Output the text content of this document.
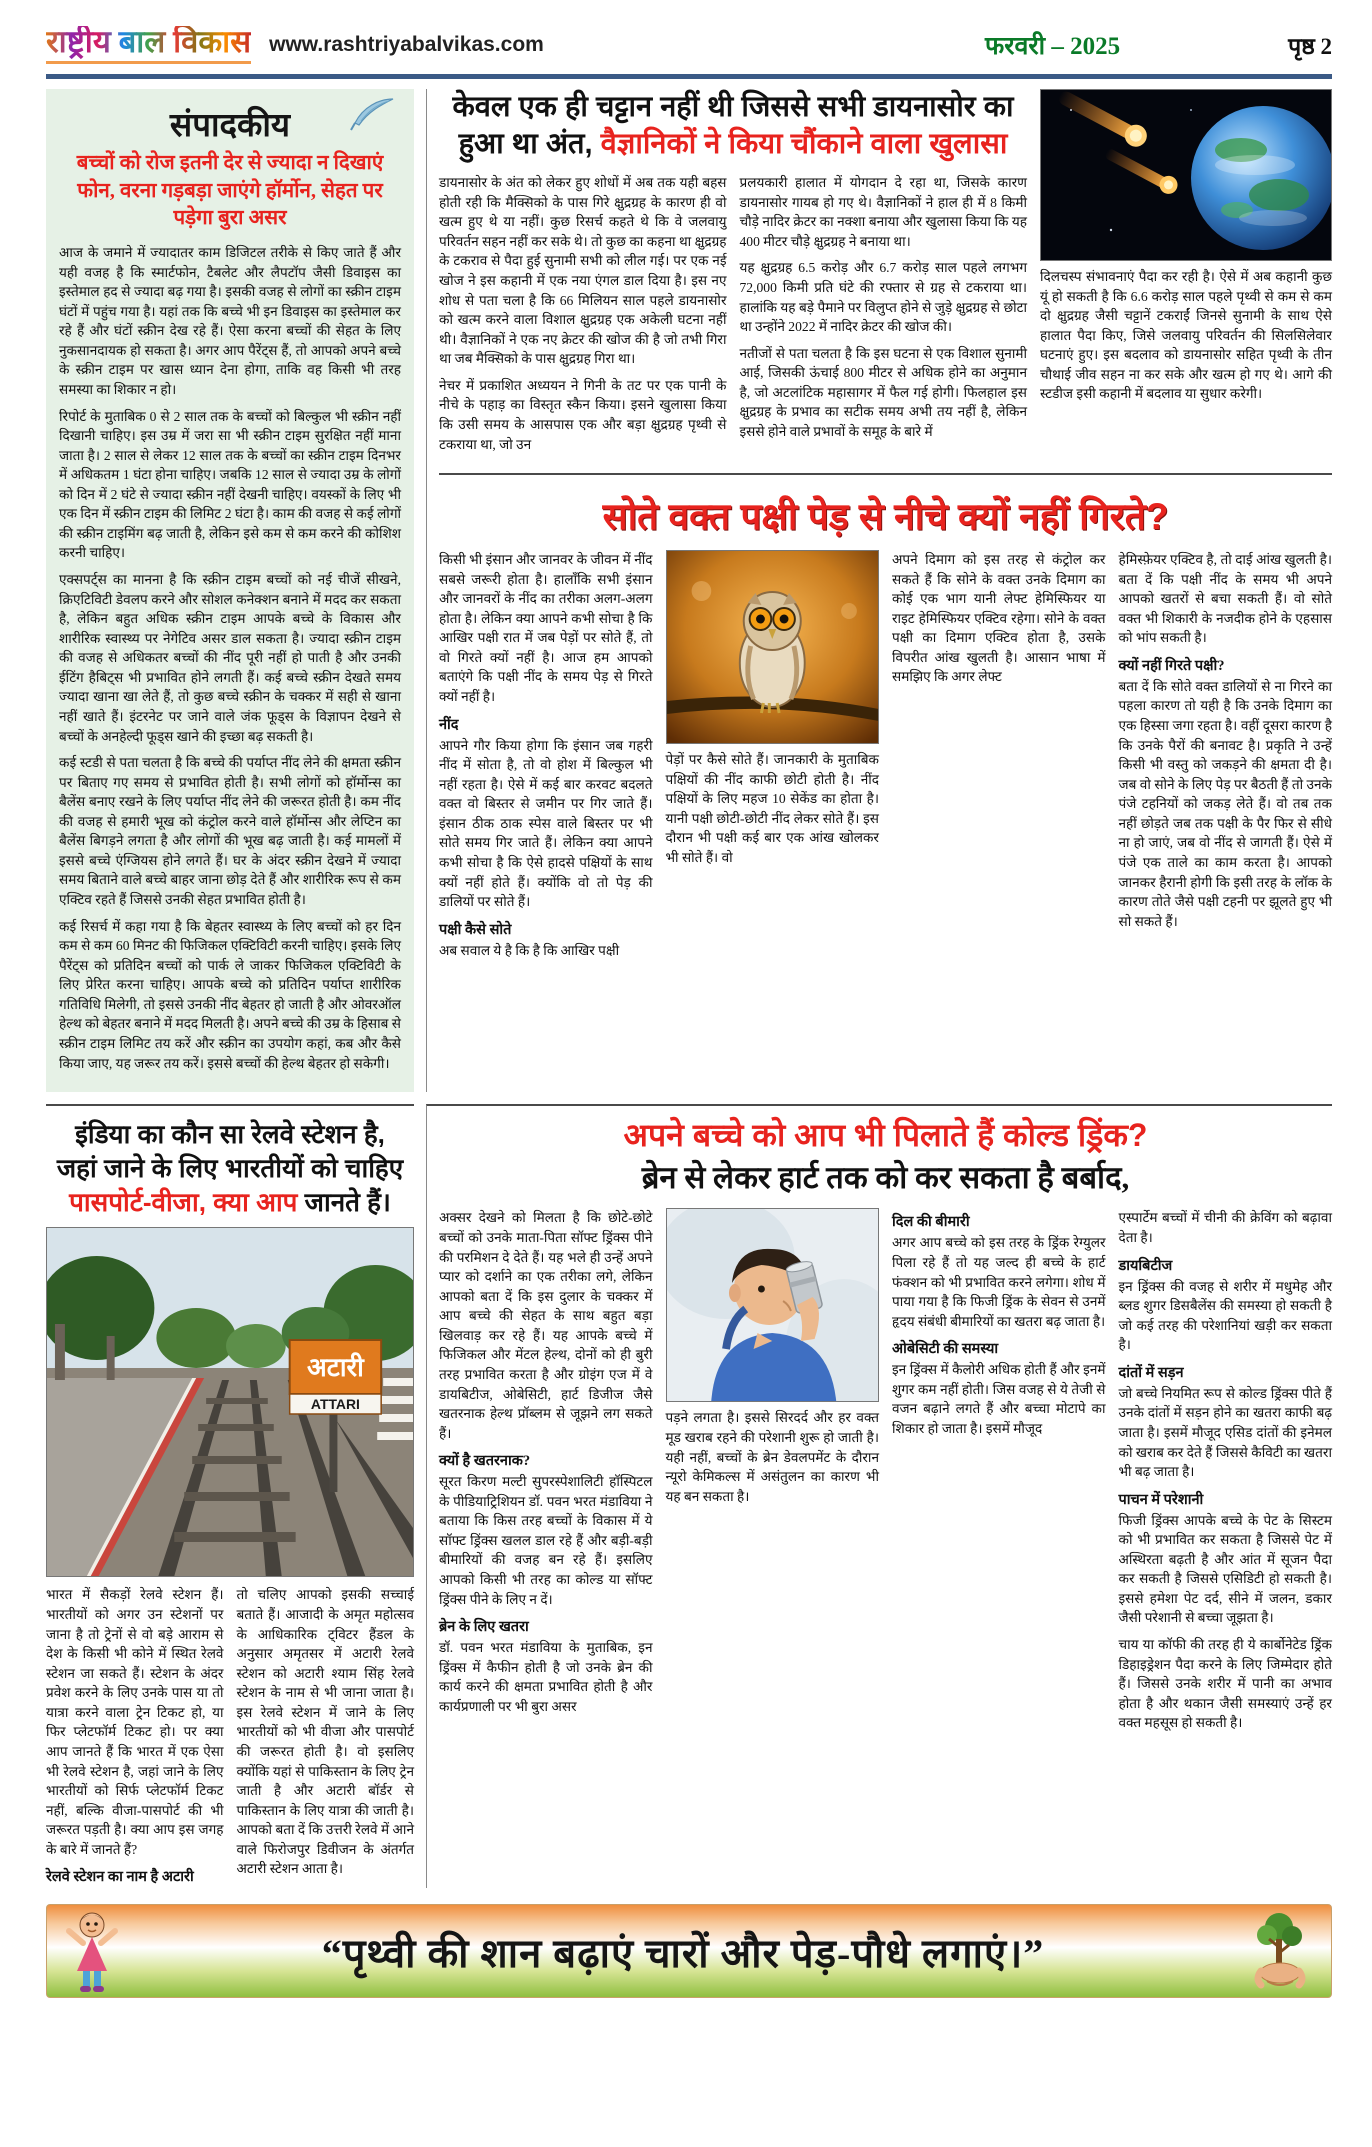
राष्ट्रीय बाल विकास www.rashtriyabalvikas.com	फरवरी – 2025	पृष्ठ 2
संपादकीय
बच्चों को रोज इतनी देर से ज्यादा न दिखाएं फोन, वरना गड़बड़ा जाएंगे हॉर्मोन, सेहत पर पड़ेगा बुरा असर

आज के जमाने में ज्यादातर काम डिजिटल तरीके से किए जाते हैं और यही वजह है कि स्मार्टफोन, टैबलेट और लैपटॉप जैसी डिवाइस का इस्तेमाल हद से ज्यादा बढ़ गया है। इसकी वजह से लोगों का स्क्रीन टाइम घंटों में पहुंच गया है। यहां तक कि बच्चे भी इन डिवाइस का इस्तेमाल कर रहे हैं और घंटों स्क्रीन देख रहे हैं। ऐसा करना बच्चों की सेहत के लिए नुकसानदायक हो सकता है। अगर आप पैरेंट्स हैं, तो आपको अपने बच्चे के स्क्रीन टाइम पर खास ध्यान देना होगा, ताकि वह किसी भी तरह समस्या का शिकार न हो।

रिपोर्ट के मुताबिक 0 से 2 साल तक के बच्चों को बिल्कुल भी स्क्रीन नहीं दिखानी चाहिए। इस उम्र में जरा सा भी स्क्रीन टाइम सुरक्षित नहीं माना जाता है। 2 साल से लेकर 12 साल तक के बच्चों का स्क्रीन टाइम दिनभर में अधिकतम 1 घंटा होना चाहिए। जबकि 12 साल से ज्यादा उम्र के लोगों को दिन में 2 घंटे से ज्यादा स्क्रीन नहीं देखनी चाहिए। वयस्कों के लिए भी एक दिन में स्क्रीन टाइम की लिमिट 2 घंटा है। काम की वजह से कई लोगों की स्क्रीन टाइमिंग बढ़ जाती है, लेकिन इसे कम से कम करने की कोशिश करनी चाहिए।

एक्सपर्ट्स का मानना है कि स्क्रीन टाइम बच्चों को नई चीजें सीखने, क्रिएटिविटी डेवलप करने और सोशल कनेक्शन बनाने में मदद कर सकता है, लेकिन बहुत अधिक स्क्रीन टाइम आपके बच्चे के विकास और शारीरिक स्वास्थ्य पर नेगेटिव असर डाल सकता है। ज्यादा स्क्रीन टाइम की वजह से अधिकतर बच्चों की नींद पूरी नहीं हो पाती है और उनकी ईटिंग हैबिट्स भी प्रभावित होने लगती हैं। कई बच्चे स्क्रीन देखते समय ज्यादा खाना खा लेते हैं, तो कुछ बच्चे स्क्रीन के चक्कर में सही से खाना नहीं खाते हैं। इंटरनेट पर जाने वाले जंक फूड्स के विज्ञापन देखने से बच्चों के अनहेल्दी फूड्स खाने की इच्छा बढ़ सकती है।

कई स्टडी से पता चलता है कि बच्चे की पर्याप्त नींद लेने की क्षमता स्क्रीन पर बिताए गए समय से प्रभावित होती है। सभी लोगों को हॉर्मोन्स का बैलेंस बनाए रखने के लिए पर्याप्त नींद लेने की जरूरत होती है। कम नींद की वजह से हमारी भूख को कंट्रोल करने वाले हॉर्मोन्स और लेप्टिन का बैलेंस बिगड़ने लगता है और लोगों की भूख बढ़ जाती है। कई मामलों में इससे बच्चे एंग्जियस होने लगते हैं। घर के अंदर स्क्रीन देखने में ज्यादा समय बिताने वाले बच्चे बाहर जाना छोड़ देते हैं और शारीरिक रूप से कम एक्टिव रहते हैं जिससे उनकी सेहत प्रभावित होती है।

कई रिसर्च में कहा गया है कि बेहतर स्वास्थ्य के लिए बच्चों को हर दिन कम से कम 60 मिनट की फिजिकल एक्टिविटी करनी चाहिए। इसके लिए पैरेंट्स को प्रतिदिन बच्चों को पार्क ले जाकर फिजिकल एक्टिविटी के लिए प्रेरित करना चाहिए। आपके बच्चे को प्रतिदिन पर्याप्त शारीरिक गतिविधि मिलेगी, तो इससे उनकी नींद बेहतर हो जाती है और ओवरऑल हेल्थ को बेहतर बनाने में मदद मिलती है। अपने बच्चे की उम्र के हिसाब से स्क्रीन टाइम लिमिट तय करें और स्क्रीन का उपयोग कहां, कब और कैसे किया जाए, यह जरूर तय करें। इससे बच्चों की हेल्थ बेहतर हो सकेगी।

केवल एक ही चट्टान नहीं थी जिससे सभी डायनासोर का
हुआ था अंत, वैज्ञानिकों ने किया चौंकाने वाला खुलासा

डायनासोर के अंत को लेकर हुए शोधों में अब तक यही बहस होती रही कि मैक्सिको के पास गिरे क्षुद्रग्रह के कारण ही वो खत्म हुए थे या नहीं। कुछ रिसर्च कहते थे कि वे जलवायु परिवर्तन सहन नहीं कर सके थे। तो कुछ का कहना था क्षुद्रग्रह के टकराव से पैदा हुई सुनामी सभी को लील गई। पर एक नई खोज ने इस कहानी में एक नया एंगल डाल दिया है। इस नए शोध से पता चला है कि 66 मिलियन साल पहले डायनासोर को खत्म करने वाला विशाल क्षुद्रग्रह एक अकेली घटना नहीं थी। वैज्ञानिकों ने एक नए क्रेटर की खोज की है जो तभी गिरा था जब मैक्सिको के पास क्षुद्रग्रह गिरा था।

नेचर में प्रकाशित अध्ययन ने गिनी के तट पर एक पानी के नीचे के पहाड़ का विस्तृत स्कैन किया। इसने खुलासा किया कि उसी समय के आसपास एक और बड़ा क्षुद्रग्रह पृथ्वी से टकराया था, जो उन

प्रलयकारी हालात में योगदान दे रहा था, जिसके कारण डायनासोर गायब हो गए थे। वैज्ञानिकों ने हाल ही में 8 किमी चौड़े नादिर क्रेटर का नक्शा बनाया और खुलासा किया कि यह 400 मीटर चौड़े क्षुद्रग्रह ने बनाया था।

यह क्षुद्रग्रह 6.5 करोड़ और 6.7 करोड़ साल पहले लगभग 72,000 किमी प्रति घंटे की रफ्तार से ग्रह से टकराया था। हालांकि यह बड़े पैमाने पर विलुप्त होने से जुड़े क्षुद्रग्रह से छोटा था उन्होंने 2022 में नादिर क्रेटर की खोज की।

नतीजों से पता चलता है कि इस घटना से एक विशाल सुनामी आई, जिसकी ऊंचाई 800 मीटर से अधिक होने का अनुमान है, जो अटलांटिक महासागर में फैल गई होगी। फिलहाल इस क्षुद्रग्रह के प्रभाव का सटीक समय अभी तय नहीं है, लेकिन इससे होने वाले प्रभावों के समूह के बारे में

दिलचस्प संभावनाएं पैदा कर रही है। ऐसे में अब कहानी कुछ यूं हो सकती है कि 6.6 करोड़ साल पहले पृथ्वी से कम से कम दो क्षुद्रग्रह जैसी चट्टानें टकराईं जिनसे सुनामी के साथ ऐसे हालात पैदा किए, जिसे जलवायु परिवर्तन की सिलसिलेवार घटनाएं हुए। इस बदलाव को डायनासोर सहित पृथ्वी के तीन चौथाई जीव सहन ना कर सके और खत्म हो गए थे। आगे की स्टडीज इसी कहानी में बदलाव या सुधार करेगी।

सोते वक्त पक्षी पेड़ से नीचे क्यों नहीं गिरते?

किसी भी इंसान और जानवर के जीवन में नींद सबसे जरूरी होता है। हालाँकि सभी इंसान और जानवरों के नींद का तरीका अलग-अलग होता है। लेकिन क्या आपने कभी सोचा है कि आखिर पक्षी रात में जब पेड़ों पर सोते हैं, तो वो गिरते क्यों नहीं है। आज हम आपको बताएंगे कि पक्षी नींद के समय पेड़ से गिरते क्यों नहीं है।

नींद

आपने गौर किया होगा कि इंसान जब गहरी नींद में सोता है, तो वो होश में बिल्कुल भी नहीं रहता है। ऐसे में कई बार करवट बदलते वक्त वो बिस्तर से जमीन पर गिर जाते हैं। इंसान ठीक ठाक स्पेस वाले बिस्तर पर भी सोते समय गिर जाते हैं। लेकिन क्या आपने कभी सोचा है कि ऐसे हादसे पक्षियों के साथ क्यों नहीं होते हैं। क्योंकि वो तो पेड़ की डालियों पर सोते हैं।

पक्षी कैसे सोते

अब सवाल ये है कि है कि आखिर पक्षी

पेड़ों पर कैसे सोते हैं। जानकारी के मुताबिक पक्षियों की नींद काफी छोटी होती है। नींद पक्षियों के लिए महज 10 सेकेंड का होता है। यानी पक्षी छोटी-छोटी नींद लेकर सोते हैं। इस दौरान भी पक्षी कई बार एक आंख खोलकर भी सोते हैं। वो

अपने दिमाग को इस तरह से कंट्रोल कर सकते हैं कि सोने के वक्त उनके दिमाग का कोई एक भाग यानी लेफ्ट हेमिस्फियर या राइट हेमिस्फियर एक्टिव रहेगा। सोने के वक्त पक्षी का दिमाग एक्टिव होता है, उसके विपरीत आंख खुलती है। आसान भाषा में समझिए कि अगर लेफ्ट

हेमिस्फ़ेयर एक्टिव है, तो दाई आंख खुलती है। बता दें कि पक्षी नींद के समय भी अपने आपको खतरों से बचा सकती हैं। वो सोते वक्त भी शिकारी के नजदीक होने के एहसास को भांप सकती है।

क्यों नहीं गिरते पक्षी?

बता दें कि सोते वक्त डालियों से ना गिरने का पहला कारण तो यही है कि उनके दिमाग का एक हिस्सा जगा रहता है। वहीं दूसरा कारण है कि उनके पैरों की बनावट है। प्रकृति ने उन्हें किसी भी वस्तु को जकड़ने की क्षमता दी है। जब वो सोने के लिए पेड़ पर बैठती हैं तो उनके पंजे टहनियों को जकड़ लेते हैं। वो तब तक नहीं छोड़ते जब तक पक्षी के पैर फिर से सीधे ना हो जाएं, जब वो नींद से जागती हैं। ऐसे में पंजे एक ताले का काम करता है। आपको जानकर हैरानी होगी कि इसी तरह के लॉक के कारण तोते जैसे पक्षी टहनी पर झूलते हुए भी सो सकते हैं।

इंडिया का कौन सा रेलवे स्टेशन है,
जहां जाने के लिए भारतीयों को चाहिए
पासपोर्ट-वीजा, क्या आप जानते हैं।
अटारी
ATTARI

भारत में सैकड़ों रेलवे स्टेशन हैं। भारतीयों को अगर उन स्टेशनों पर जाना है तो ट्रेनों से वो बड़े आराम से देश के किसी भी कोने में स्थित रेलवे स्टेशन जा सकते हैं। स्टेशन के अंदर प्रवेश करने के लिए उनके पास या तो यात्रा करने वाला ट्रेन टिकट हो, या फिर प्लेटफॉर्म टिकट हो। पर क्या आप जानते हैं कि भारत में एक ऐसा भी रेलवे स्टेशन है, जहां जाने के लिए भारतीयों को सिर्फ प्लेटफॉर्म टिकट नहीं, बल्कि वीजा-पासपोर्ट की भी जरूरत पड़ती है। क्या आप इस जगह के बारे में जानते हैं?

रेलवे स्टेशन का नाम है अटारी

तो चलिए आपको इसकी सच्चाई बताते हैं। आजादी के अमृत महोत्सव के आधिकारिक ट्विटर हैंडल के अनुसार अमृतसर में अटारी रेलवे स्टेशन को अटारी श्याम सिंह रेलवे स्टेशन के नाम से भी जाना जाता है। इस रेलवे स्टेशन में जाने के लिए भारतीयों को भी वीजा और पासपोर्ट की जरूरत होती है। वो इसलिए क्योंकि यहां से पाकिस्तान के लिए ट्रेन जाती है और अटारी बॉर्डर से पाकिस्तान के लिए यात्रा की जाती है। आपको बता दें कि उत्तरी रेलवे में आने वाले फिरोजपुर डिवीजन के अंतर्गत अटारी स्टेशन आता है।

अपने बच्चे को आप भी पिलाते हैं कोल्ड ड्रिंक?
ब्रेन से लेकर हार्ट तक को कर सकता है बर्बाद,

अक्सर देखने को मिलता है कि छोटे-छोटे बच्चों को उनके माता-पिता सॉफ्ट ड्रिंक्स पीने की परमिशन दे देते हैं। यह भले ही उन्हें अपने प्यार को दर्शाने का एक तरीका लगे, लेकिन आपको बता दें कि इस दुलार के चक्कर में आप बच्चे की सेहत के साथ बहुत बड़ा खिलवाड़ कर रहे हैं। यह आपके बच्चे में फिजिकल और मेंटल हेल्थ, दोनों को ही बुरी तरह प्रभावित करता है और ग्रोइंग एज में वे डायबिटीज, ओबेसिटी, हार्ट डिजीज जैसे खतरनाक हेल्थ प्रॉब्लम से जूझने लग सकते हैं।

क्यों है खतरनाक?

सूरत किरण मल्टी सुपरस्पेशालिटी हॉस्पिटल के पीडियाट्रिशियन डॉ. पवन भरत मंडाविया ने बताया कि किस तरह बच्चों के विकास में ये सॉफ्ट ड्रिंक्स खलल डाल रहे हैं और बड़ी-बड़ी बीमारियों की वजह बन रहे हैं। इसलिए आपको किसी भी तरह का कोल्ड या सॉफ्ट ड्रिंक्स पीने के लिए न दें।

ब्रेन के लिए खतरा

डॉ. पवन भरत मंडाविया के मुताबिक, इन ड्रिंक्स में कैफीन होती है जो उनके ब्रेन की कार्य करने की क्षमता प्रभावित होती है और कार्यप्रणाली पर भी बुरा असर

पड़ने लगता है। इससे सिरदर्द और हर वक्त मूड खराब रहने की परेशानी शुरू हो जाती है। यही नहीं, बच्चों के ब्रेन डेवलपमेंट के दौरान न्यूरो केमिकल्स में असंतुलन का कारण भी यह बन सकता है।

दिल की बीमारी

अगर आप बच्चे को इस तरह के ड्रिंक रेग्युलर पिला रहे हैं तो यह जल्द ही बच्चे के हार्ट फंक्शन को भी प्रभावित करने लगेगा। शोध में पाया गया है कि फिजी ड्रिंक के सेवन से उनमें हृदय संबंधी बीमारियों का खतरा बढ़ जाता है।

ओबेसिटी की समस्या

इन ड्रिंक्स में कैलोरी अधिक होती हैं और इनमें शुगर कम नहीं होती। जिस वजह से ये तेजी से वजन बढ़ाने लगते हैं और बच्चा मोटापे का शिकार हो जाता है। इसमें मौजूद

एस्पार्टेम बच्चों में चीनी की क्रेविंग को बढ़ावा देता है।

डायबिटीज

इन ड्रिंक्स की वजह से शरीर में मधुमेह और ब्लड शुगर डिसबैलेंस की समस्या हो सकती है जो कई तरह की परेशानियां खड़ी कर सकता है।

दांतों में सड़न

जो बच्चे नियमित रूप से कोल्ड ड्रिंक्स पीते हैं उनके दांतों में सड़न होने का खतरा काफी बढ़ जाता है। इसमें मौजूद एसिड दांतों की इनेमल को खराब कर देते हैं जिससे कैविटी का खतरा भी बढ़ जाता है।

पाचन में परेशानी

फिजी ड्रिंक्स आपके बच्चे के पेट के सिस्टम को भी प्रभावित कर सकता है जिससे पेट में अस्थिरता बढ़ती है और आंत में सूजन पैदा कर सकती है जिससे एसिडिटी हो सकती है। इससे हमेशा पेट दर्द, सीने में जलन, डकार जैसी परेशानी से बच्चा जूझता है।

चाय या कॉफी की तरह ही ये कार्बोनेटेड ड्रिंक डिहाइड्रेशन पैदा करने के लिए जिम्मेदार होते हैं। जिससे उनके शरीर में पानी का अभाव होता है और थकान जैसी समस्याएं उन्हें हर वक्त महसूस हो सकती है।

“पृथ्वी की शान बढ़ाएं चारों और पेड़-पौधे लगाएं।”
